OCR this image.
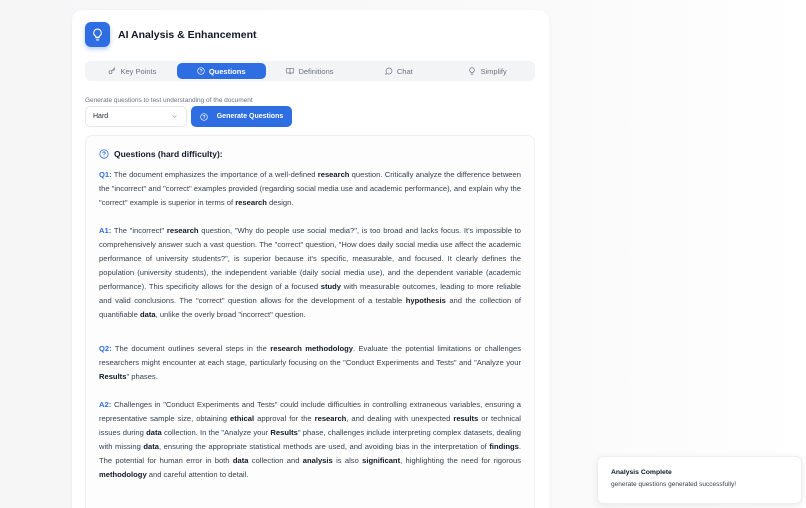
AI Analysis & Enhancement
Key Points	Questions	Definitions	Chat	Simplify
Generate questions to test understanding of the document
Hard	Generate Questions
Questions (hard difficulty):
Q1: The document emphasizes the importance of a well-defined research question. Critically analyze the difference between the "incorrect" and "correct" examples provided (regarding social media use and academic performance), and explain why the "correct" example is superior in terms of research design.
A1: The "incorrect" research question, "Why do people use social media?", is too broad and lacks focus. It's impossible to comprehensively answer such a vast question. The "correct" question, "How does daily social media use affect the academic performance of university students?", is superior because it's specific, measurable, and focused. It clearly defines the population (university students), the independent variable (daily social media use), and the dependent variable (academic performance). This specificity allows for the design of a focused study with measurable outcomes, leading to more reliable and valid conclusions. The "correct" question allows for the development of a testable hypothesis and the collection of quantifiable data, unlike the overly broad "incorrect" question.
Q2: The document outlines several steps in the research methodology. Evaluate the potential limitations or challenges researchers might encounter at each stage, particularly focusing on the "Conduct Experiments and Tests" and "Analyze your Results" phases.
A2: Challenges in "Conduct Experiments and Tests" could include difficulties in controlling extraneous variables, ensuring a representative sample size, obtaining ethical approval for the research, and dealing with unexpected results or technical issues during data collection. In the "Analyze your Results" phase, challenges include interpreting complex datasets, dealing with missing data, ensuring the appropriate statistical methods are used, and avoiding bias in the interpretation of findings. The potential for human error in both data collection and analysis is also significant, highlighting the need for rigorous methodology and careful attention to detail.	Analysis Complete
generate questions generated successfully!
